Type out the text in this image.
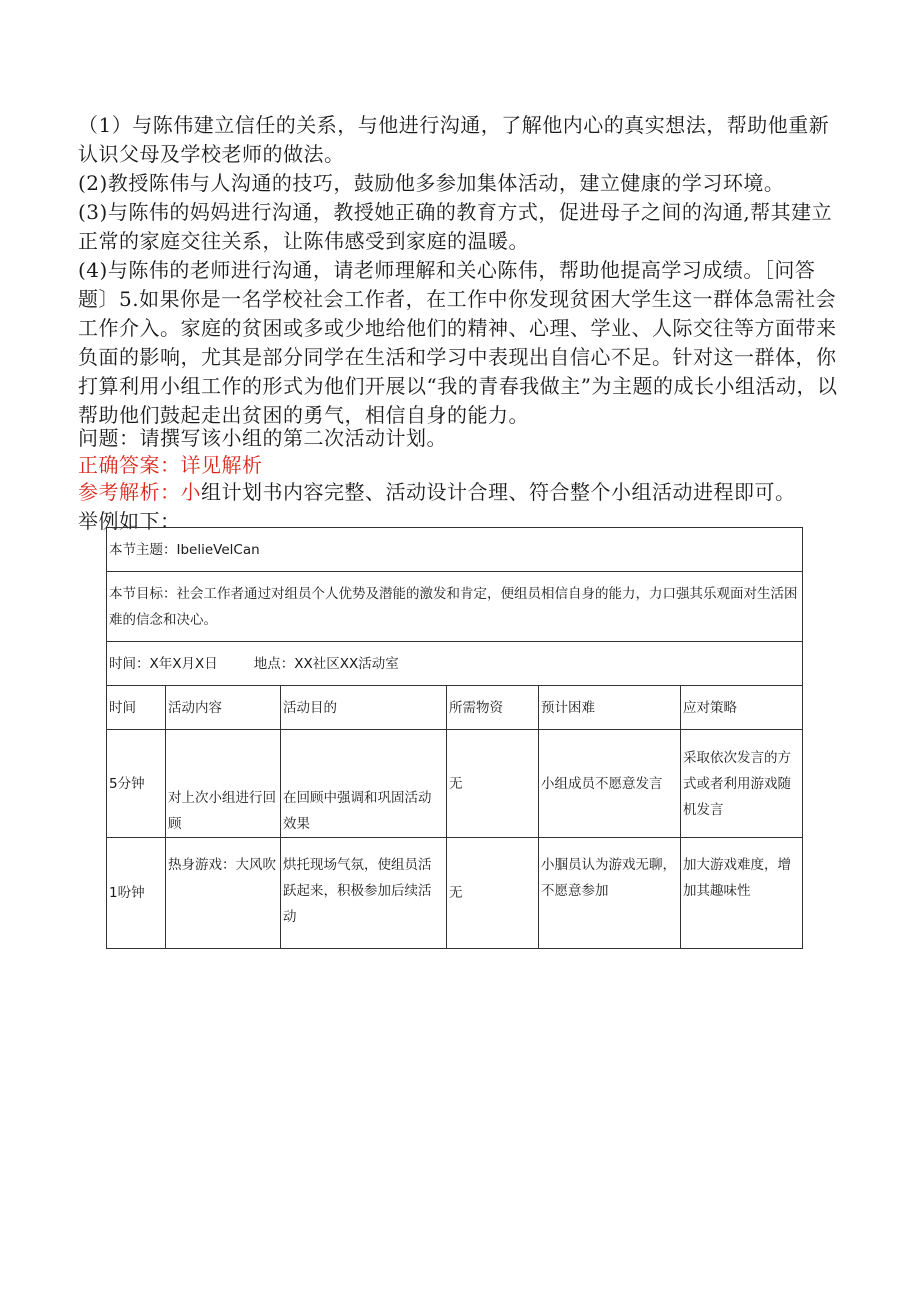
（1）与陈伟建立信任的关系，与他进行沟通，了解他内心的真实想法，帮助他重新认识父母及学校老师的做法。

(2)教授陈伟与人沟通的技巧，鼓励他多参加集体活动，建立健康的学习环境。

(3)与陈伟的妈妈进行沟通，教授她正确的教育方式，促进母子之间的沟通,帮其建立正常的家庭交往关系，让陈伟感受到家庭的温暖。

(4)与陈伟的老师进行沟通，请老师理解和关心陈伟，帮助他提高学习成绩。［问答题〕5.如果你是一名学校社会工作者，在工作中你发现贫困大学生这一群体急需社会工作介入。家庭的贫困或多或少地给他们的精神、心理、学业、人际交往等方面带来负面的影响，尤其是部分同学在生活和学习中表现出自信心不足。针对这一群体，你打算利用小组工作的形式为他们开展以“我的青春我做主”为主题的成长小组活动，以帮助他们鼓起走出贫困的勇气，相信自身的能力。

问题：请撰写该小组的第二次活动计划。

正确答案：详见解析

参考解析：小组计划书内容完整、活动设计合理、符合整个小组活动进程即可。举例如下：

本节主题：IbelieVelCan					
本节目标：社会工作者通过对组员个人优势及潜能的激发和肯定，便组员相信自身的能力，力口强其乐观面对生活困难的信念和决心。					
时间：X年X月X日 地点：XX社区XX活动室					
时间	活动内容	活动目的	所需物资	预计困难	应对策略
5分钟	对上次小组进行回顾	在回顾中强调和巩固活动效果	无	小组成员不愿意发言	采取依次发言的方式或者利用游戏随机发言
1吩钟	热身游戏：大风吹	烘托现场气氛，使组员活跃起来，积极参加后续活动	无	小腘员认为游戏无聊，不愿意参加	加大游戏难度，增加其趣味性
